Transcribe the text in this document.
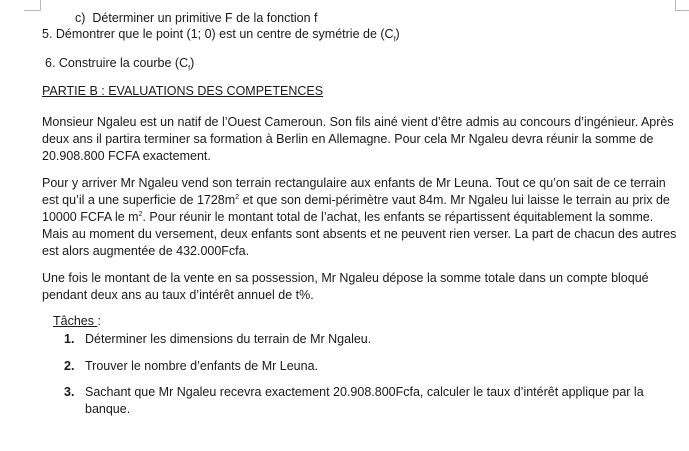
c) Déterminer un primitive F de la fonction f
5. Démontrer que le point (1; 0) est un centre de symétrie de $(C_f)$
6. Construire la courbe $(C_f)$
PARTIE B : EVALUATIONS DES COMPETENCES
Monsieur Ngaleu est un natif de l’Ouest Cameroun. Son fils ainé vient d’être admis au concours d’ingénieur. Après deux ans il partira terminer sa formation à Berlin en Allemagne. Pour cela Mr Ngaleu devra réunir la somme de 20.908.800 FCFA exactement.
Pour y arriver Mr Ngaleu vend son terrain rectangulaire aux enfants de Mr Leuna. Tout ce qu’on sait de ce terrain est qu’il a une superficie de $1728m^2$ et que son demi-périmètre vaut 84m. Mr Ngaleu lui laisse le terrain au prix de 10000 FCFA le $m^2$. Pour réunir le montant total de l’achat, les enfants se répartissent équitablement la somme. Mais au moment du versement, deux enfants sont absents et ne peuvent rien verser. La part de chacun des autres est alors augmentée de 432.000Fcfa.
Une fois le montant de la vente en sa possession, Mr Ngaleu dépose la somme totale dans un compte bloqué pendant deux ans au taux d’intérêt annuel de t%.
Tâches :
1. Déterminer les dimensions du terrain de Mr Ngaleu.
2. Trouver le nombre d’enfants de Mr Leuna.
3. Sachant que Mr Ngaleu recevra exactement 20.908.800Fcfa, calculer le taux d’intérêt applique par la banque.
